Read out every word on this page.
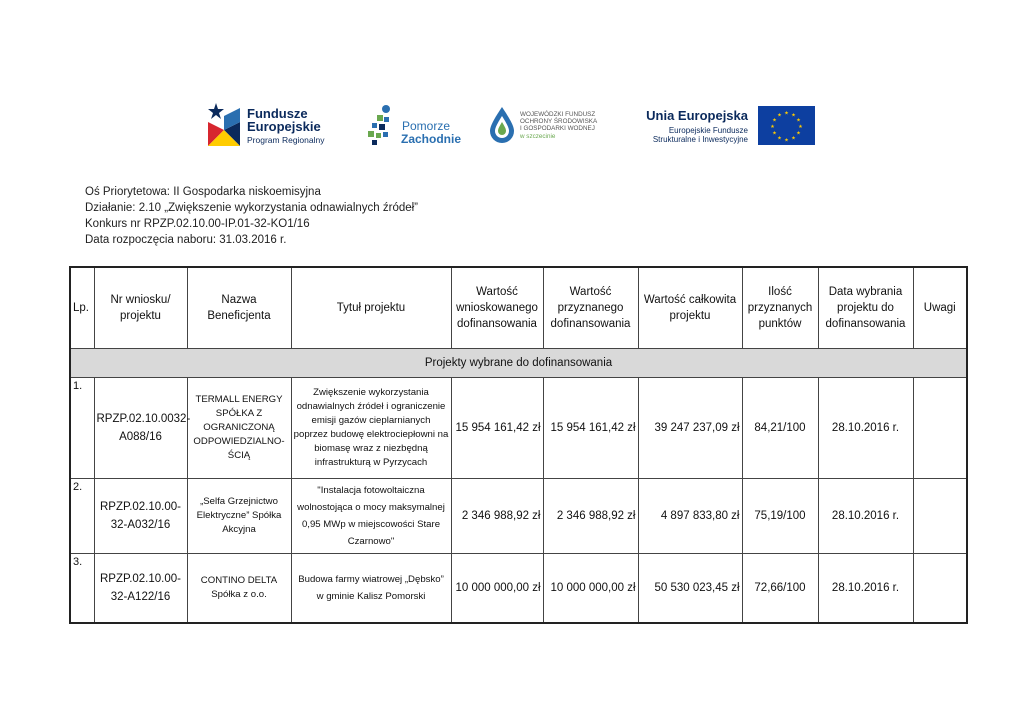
Fundusze
Europejskie
Program Regionalny
Pomorze
Zachodnie
WOJEWÓDZKI FUNDUSZ
OCHRONY ŚRODOWISKA
I GOSPODARKI WODNEJ
w szczecinie
Unia Europejska
Europejskie Fundusze
Strukturalne i Inwestycyjne
★ ★
★
★
★
★
★
★
★
★
★
★
Oś Priorytetowa: II Gospodarka niskoemisyjna
Działanie: 2.10 „Zwiększenie wykorzystania odnawialnych źródeł”
Konkurs nr RPZP.02.10.00-IP.01-32-KO1/16
Data rozpoczęcia naboru: 31.03.2016 r.
Lp.	Nr wniosku/ projektu	Nazwa Beneficjenta	Tytuł projektu	Wartość wnioskowanego dofinansowania	Wartość przyznanego dofinansowania	Wartość całkowita projektu	Ilość przyznanych punktów	Data wybrania projektu do dofinansowania	Uwagi
Projekty wybrane do dofinansowania									
1.	RPZP.02.10.0032-A088/16	TERMALL ENERGY SPÓŁKA Z OGRANICZONĄ ODPOWIEDZIALNO-ŚCIĄ	Zwiększenie wykorzystania odnawialnych źródeł i ograniczenie emisji gazów cieplarnianych poprzez budowę elektrociepłowni na biomasę wraz z niezbędną infrastrukturą w Pyrzycach	15 954 161,42 zł	15 954 161,42 zł	39 247 237,09 zł	84,21/100	28.10.2016 r.	
2.	RPZP.02.10.00-32-A032/16	„Selfa Grzejnictwo Elektryczne” Spółka Akcyjna	"Instalacja fotowoltaiczna wolnostojąca o mocy maksymalnej 0,95 MWp w miejscowości Stare Czarnowo"	2 346 988,92 zł	2 346 988,92 zł	4 897 833,80 zł	75,19/100	28.10.2016 r.	
3.	RPZP.02.10.00-32-A122/16	CONTINO DELTA Spółka z o.o.	Budowa farmy wiatrowej „Dębsko” w gminie Kalisz Pomorski	10 000 000,00 zł	10 000 000,00 zł	50 530 023,45 zł	72,66/100	28.10.2016 r.	
